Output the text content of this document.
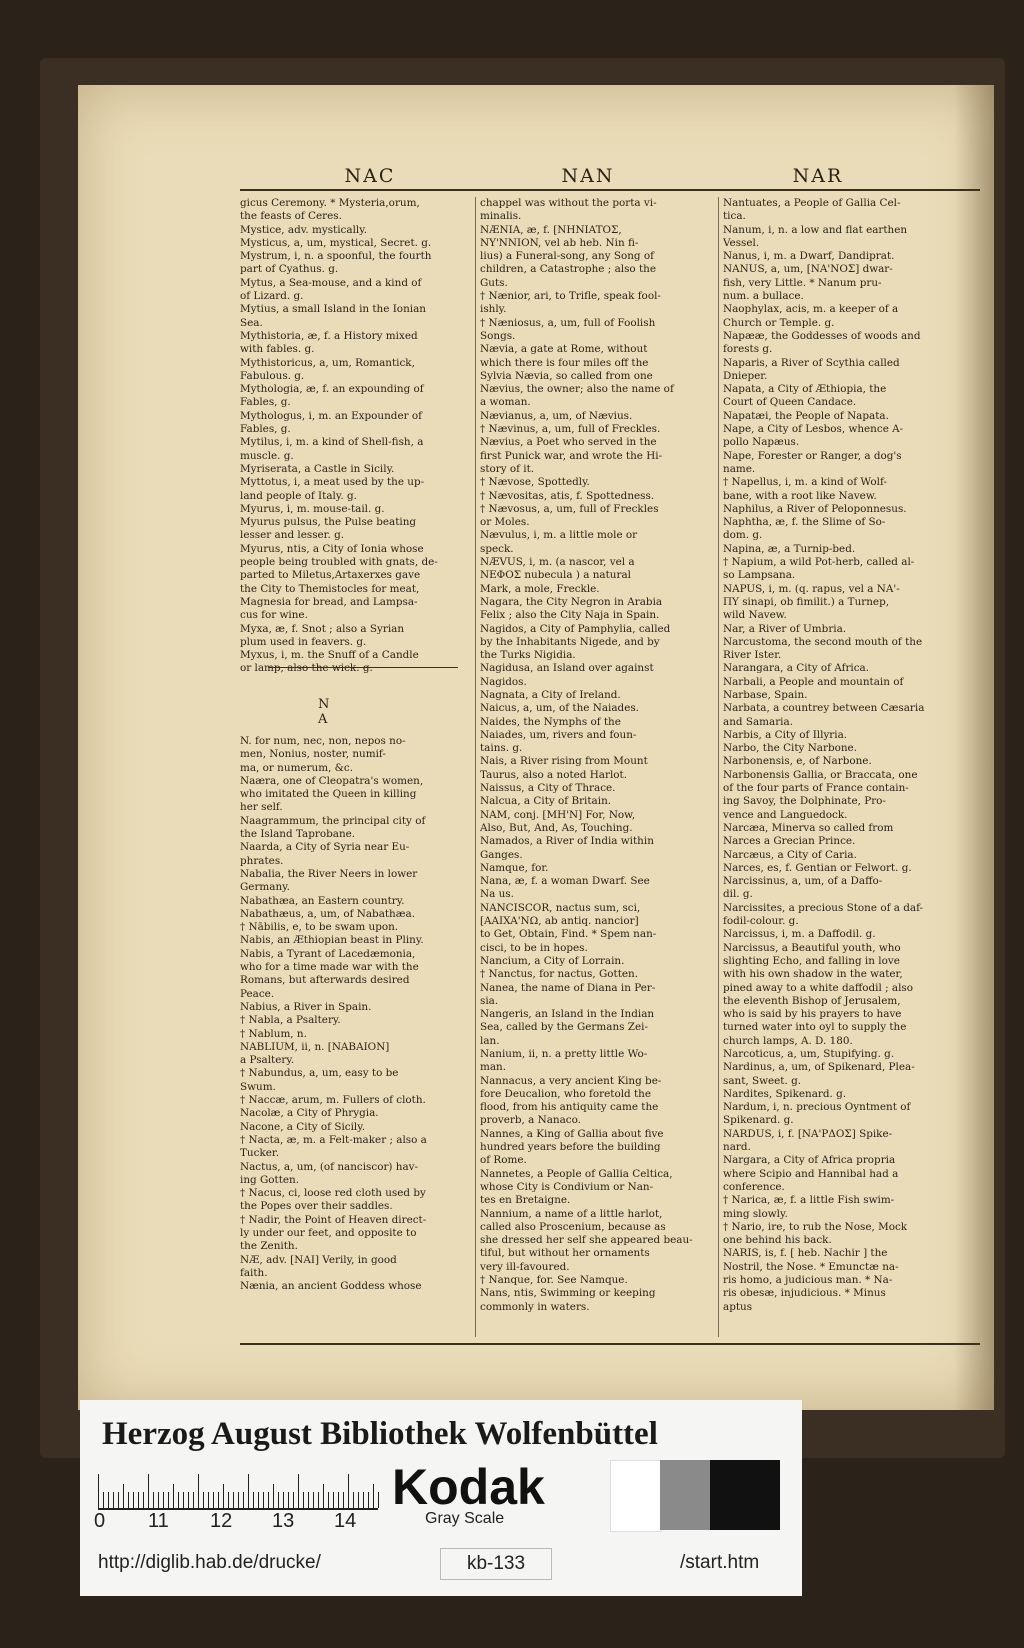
NAC	NAN	NAR
gicus Ceremony. * Mysteria,orum,
the feasts of Ceres.
Mystice, adv. mystically.
Mysticus, a, um, mystical, Secret. g.
Mystrum, i, n. a spoonful, the fourth
part of Cyathus. g.
Mytus, a Sea-mouse, and a kind of
of Lizard. g.
Mytius, a small Island in the Ionian
Sea.
Mythistoria, æ, f. a History mixed
with fables. g.
Mythistoricus, a, um, Romantick,
Fabulous. g.
Mythologia, æ, f. an expounding of
Fables, g.
Mythologus, i, m. an Expounder of
Fables, g.
Mytilus, i, m. a kind of Shell-fish, a
muscle. g.
Myriserata, a Castle in Sicily.
Myttotus, i, a meat used by the up-
land people of Italy. g.
Myurus, i, m. mouse-tail. g.
Myurus pulsus, the Pulse beating
lesser and lesser. g.
Myurus, ntis, a City of Ionia whose
people being troubled with gnats, de-
parted to Miletus,Artaxerxes gave
the City to Themistocles for meat,
Magnesia for bread, and Lampsa-
cus for wine.
Myxa, æ, f. Snot ; also a Syrian
plum used in feavers. g.
Myxus, i, m. the Snuff of a Candle
or lamp, also the wick. g.
N A
N. for num, nec, non, nepos no-
men, Nonius, noster, numif-
ma, or numerum, &c.
Naæra, one of Cleopatra's women,
who imitated the Queen in killing
her self.
Naagrammum, the principal city of
the Island Taprobane.
Naarda, a City of Syria near Eu-
phrates.
Nabalia, the River Neers in lower
Germany.
Nabathæa, an Eastern country.
Nabathæus, a, um, of Nabathæa.
† Nābilis, e, to be swam upon.
Nabis, an Æthiopian beast in Pliny.
Nabis, a Tyrant of Lacedæmonia,
who for a time made war with the
Romans, but afterwards desired
Peace.
Nabius, a River in Spain.
† Nabla, a Psaltery.
† Nablum, n.
NABLIUM, ii, n. [NABAION]
a Psaltery.
† Nabundus, a, um, easy to be
Swum.
† Naccæ, arum, m. Fullers of cloth.
Nacolæ, a City of Phrygia.
Nacone, a City of Sicily.
† Nacta, æ, m. a Felt-maker ; also a
Tucker.
Nactus, a, um, (of nanciscor) hav-
ing Gotten.
† Nacus, ci, loose red cloth used by
the Popes over their saddles.
† Nadir, the Point of Heaven direct-
ly under our feet, and opposite to
the Zenith.
NÆ, adv. [NAI] Verily, in good
faith.
Nænia, an ancient Goddess whose
chappel was without the porta vi-
minalis.
NÆNIA, æ, f. [NHNIATOΣ,
NY'NNION, vel ab heb. Nin fi-
lius) a Funeral-song, any Song of
children, a Catastrophe ; also the
Guts.
† Nænior, ari, to Trifle, speak fool-
ishly.
† Næniosus, a, um, full of Foolish
Songs.
Nævia, a gate at Rome, without
which there is four miles off the
Sylvia Nævia, so called from one
Nævius, the owner; also the name of
a woman.
Nævianus, a, um, of Nævius.
† Nævinus, a, um, full of Freckles.
Nævius, a Poet who served in the
first Punick war, and wrote the Hi-
story of it.
† Nævose, Spottedly.
† Nævositas, atis, f. Spottedness.
† Nævosus, a, um, full of Freckles
or Moles.
Nævulus, i, m. a little mole or
speck.
NÆVUS, i, m. (a nascor, vel a
NEΦOΣ nubecula ) a natural
Mark, a mole, Freckle.
Nagara, the City Negron in Arabia
Felix ; also the City Naja in Spain.
Nagidos, a City of Pamphylia, called
by the Inhabitants Nigede, and by
the Turks Nigidia.
Nagidusa, an Island over against
Nagidos.
Nagnata, a City of Ireland.
Naicus, a, um, of the Naiades.
Naides, the Nymphs of the
Naiades, um, rivers and foun-
tains. g.
Nais, a River rising from Mount
Taurus, also a noted Harlot.
Naissus, a City of Thrace.
Nalcua, a City of Britain.
NAM, conj. [MH'N] For, Now,
Also, But, And, As, Touching.
Namados, a River of India within
Ganges.
Namque, for.
Nana, æ, f. a woman Dwarf. See
Na us.
NANCISCOR, nactus sum, sci,
[AAIXA'NΩ, ab antiq. nancior]
to Get, Obtain, Find. * Spem nan-
cisci, to be in hopes.
Nancium, a City of Lorrain.
† Nanctus, for nactus, Gotten.
Nanea, the name of Diana in Per-
sia.
Nangeris, an Island in the Indian
Sea, called by the Germans Zei-
lan.
Nanium, ii, n. a pretty little Wo-
man.
Nannacus, a very ancient King be-
fore Deucalion, who foretold the
flood, from his antiquity came the
proverb, a Nanaco.
Nannes, a King of Gallia about five
hundred years before the building
of Rome.
Nannetes, a People of Gallia Celtica,
whose City is Condivium or Nan-
tes en Bretaigne.
Nannium, a name of a little harlot,
called also Proscenium, because as
she dressed her self she appeared beau-
tiful, but without her ornaments
very ill-favoured.
† Nanque, for. See Namque.
Nans, ntis, Swimming or keeping
commonly in waters.
Nantuates, a People of Gallia Cel-
tica.
Nanum, i, n. a low and flat earthen
Vessel.
Nanus, i, m. a Dwarf, Dandiprat.
NANUS, a, um, [NA'NOΣ] dwar-
fish, very Little. * Nanum pru-
num. a bullace.
Naophylax, acis, m. a keeper of a
Church or Temple. g.
Napææ, the Goddesses of woods and
forests g.
Naparis, a River of Scythia called
Dnieper.
Napata, a City of Æthiopia, the
Court of Queen Candace.
Napatæi, the People of Napata.
Nape, a City of Lesbos, whence A-
pollo Napæus.
Nape, Forester or Ranger, a dog's
name.
† Napellus, i, m. a kind of Wolf-
bane, with a root like Navew.
Naphilus, a River of Peloponnesus.
Naphtha, æ, f. the Slime of So-
dom. g.
Napina, æ, a Turnip-bed.
† Napium, a wild Pot-herb, called al-
so Lampsana.
NAPUS, i, m. (q. rapus, vel a NA'-
ΠΥ sinapi, ob fimilit.) a Turnep,
wild Navew.
Nar, a River of Umbria.
Narcustoma, the second mouth of the
River Ister.
Narangara, a City of Africa.
Narbali, a People and mountain of
Narbase, Spain.
Narbata, a countrey between Cæsaria
and Samaria.
Narbis, a City of Illyria.
Narbo, the City Narbone.
Narbonensis, e, of Narbone.
Narbonensis Gallia, or Braccata, one
of the four parts of France contain-
ing Savoy, the Dolphinate, Pro-
vence and Languedock.
Narcæa, Minerva so called from
Narces a Grecian Prince.
Narcæus, a City of Caria.
Narces, es, f. Gentian or Felwort. g.
Narcissinus, a, um, of a Daffo-
dil. g.
Narcissites, a precious Stone of a daf-
fodil-colour. g.
Narcissus, i, m. a Daffodil. g.
Narcissus, a Beautiful youth, who
slighting Echo, and falling in love
with his own shadow in the water,
pined away to a white daffodil ; also
the eleventh Bishop of Jerusalem,
who is said by his prayers to have
turned water into oyl to supply the
church lamps, A. D. 180.
Narcoticus, a, um, Stupifying. g.
Nardinus, a, um, of Spikenard, Plea-
sant, Sweet. g.
Nardites, Spikenard. g.
Nardum, i, n. precious Oyntment of
Spikenard. g.
NARDUS, i, f. [NA'PΔOΣ] Spike-
nard.
Nargara, a City of Africa propria
where Scipio and Hannibal had a
conference.
† Narica, æ, f. a little Fish swim-
ming slowly.
† Nario, ire, to rub the Nose, Mock
one behind his back.
NARIS, is, f. [ heb. Nachir ] the
Nostril, the Nose. * Emunctæ na-
ris homo, a judicious man. * Na-
ris obesæ, injudicious. * Minus
aptus
Herzog August Bibliothek Wolfenbüttel
0 11 12 13 14
Kodak
Gray Scale
http://diglib.hab.de/drucke/	kb-133	/start.htm
